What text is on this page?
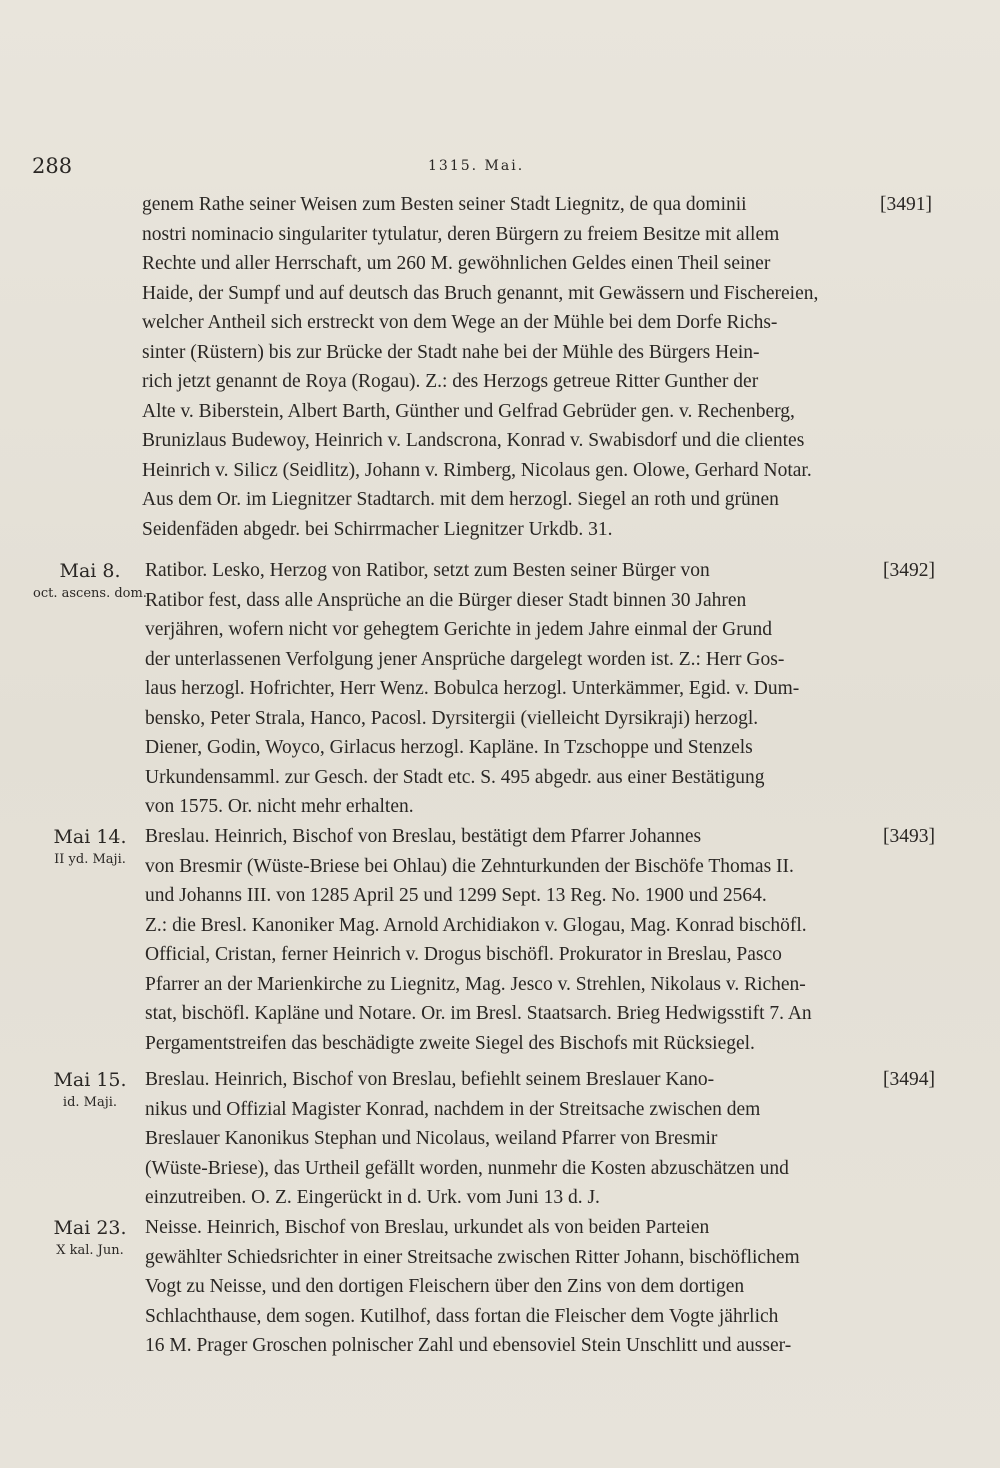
288	1315. Mai.
[3491]
genem Rathe seiner Weisen zum Besten seiner Stadt Liegnitz, de qua dominii
nostri nominacio singulariter tytulatur, deren Bürgern zu freiem Besitze mit allem
Rechte und aller Herrschaft, um 260 M. gewöhnlichen Geldes einen Theil seiner
Haide, der Sumpf und auf deutsch das Bruch genannt, mit Gewässern und Fischereien,
welcher Antheil sich erstreckt von dem Wege an der Mühle bei dem Dorfe Richs-
sinter (Rüstern) bis zur Brücke der Stadt nahe bei der Mühle des Bürgers Hein-
rich jetzt genannt de Roya (Rogau). Z.: des Herzogs getreue Ritter Gunther der
Alte v. Biberstein, Albert Barth, Günther und Gelfrad Gebrüder gen. v. Rechenberg,
Brunizlaus Budewoy, Heinrich v. Landscrona, Konrad v. Swabisdorf und die clientes
Heinrich v. Silicz (Seidlitz), Johann v. Rimberg, Nicolaus gen. Olowe, Gerhard Notar.
Aus dem Or. im Liegnitzer Stadtarch. mit dem herzogl. Siegel an roth und grünen
Seidenfäden abgedr. bei Schirrmacher Liegnitzer Urkdb. 31.
Mai 8.
oct. ascens. dom.
[3492]
Ratibor. Lesko, Herzog von Ratibor, setzt zum Besten seiner Bürger von
Ratibor fest, dass alle Ansprüche an die Bürger dieser Stadt binnen 30 Jahren
verjähren, wofern nicht vor gehegtem Gerichte in jedem Jahre einmal der Grund
der unterlassenen Verfolgung jener Ansprüche dargelegt worden ist. Z.: Herr Gos-
laus herzogl. Hofrichter, Herr Wenz. Bobulca herzogl. Unterkämmer, Egid. v. Dum-
bensko, Peter Strala, Hanco, Pacosl. Dyrsitergii (vielleicht Dyrsikraji) herzogl.
Diener, Godin, Woyco, Girlacus herzogl. Kapläne. In Tzschoppe und Stenzels
Urkundensamml. zur Gesch. der Stadt etc. S. 495 abgedr. aus einer Bestätigung
von 1575. Or. nicht mehr erhalten.
Mai 14.
II yd. Maji.
[3493]
Breslau. Heinrich, Bischof von Breslau, bestätigt dem Pfarrer Johannes
von Bresmir (Wüste-Briese bei Ohlau) die Zehnturkunden der Bischöfe Thomas II.
und Johanns III. von 1285 April 25 und 1299 Sept. 13 Reg. No. 1900 und 2564.
Z.: die Bresl. Kanoniker Mag. Arnold Archidiakon v. Glogau, Mag. Konrad bischöfl.
Official, Cristan, ferner Heinrich v. Drogus bischöfl. Prokurator in Breslau, Pasco
Pfarrer an der Marienkirche zu Liegnitz, Mag. Jesco v. Strehlen, Nikolaus v. Richen-
stat, bischöfl. Kapläne und Notare. Or. im Bresl. Staatsarch. Brieg Hedwigsstift 7. An
Pergamentstreifen das beschädigte zweite Siegel des Bischofs mit Rücksiegel.
Mai 15.
id. Maji.
[3494]
Breslau. Heinrich, Bischof von Breslau, befiehlt seinem Breslauer Kano-
nikus und Offizial Magister Konrad, nachdem in der Streitsache zwischen dem
Breslauer Kanonikus Stephan und Nicolaus, weiland Pfarrer von Bresmir
(Wüste-Briese), das Urtheil gefällt worden, nunmehr die Kosten abzuschätzen und
einzutreiben. O. Z. Eingerückt in d. Urk. vom Juni 13 d. J.
Mai 23.
X kal. Jun.
Neisse. Heinrich, Bischof von Breslau, urkundet als von beiden Parteien
gewählter Schiedsrichter in einer Streitsache zwischen Ritter Johann, bischöflichem
Vogt zu Neisse, und den dortigen Fleischern über den Zins von dem dortigen
Schlachthause, dem sogen. Kutilhof, dass fortan die Fleischer dem Vogte jährlich
16 M. Prager Groschen polnischer Zahl und ebensoviel Stein Unschlitt und ausser-
